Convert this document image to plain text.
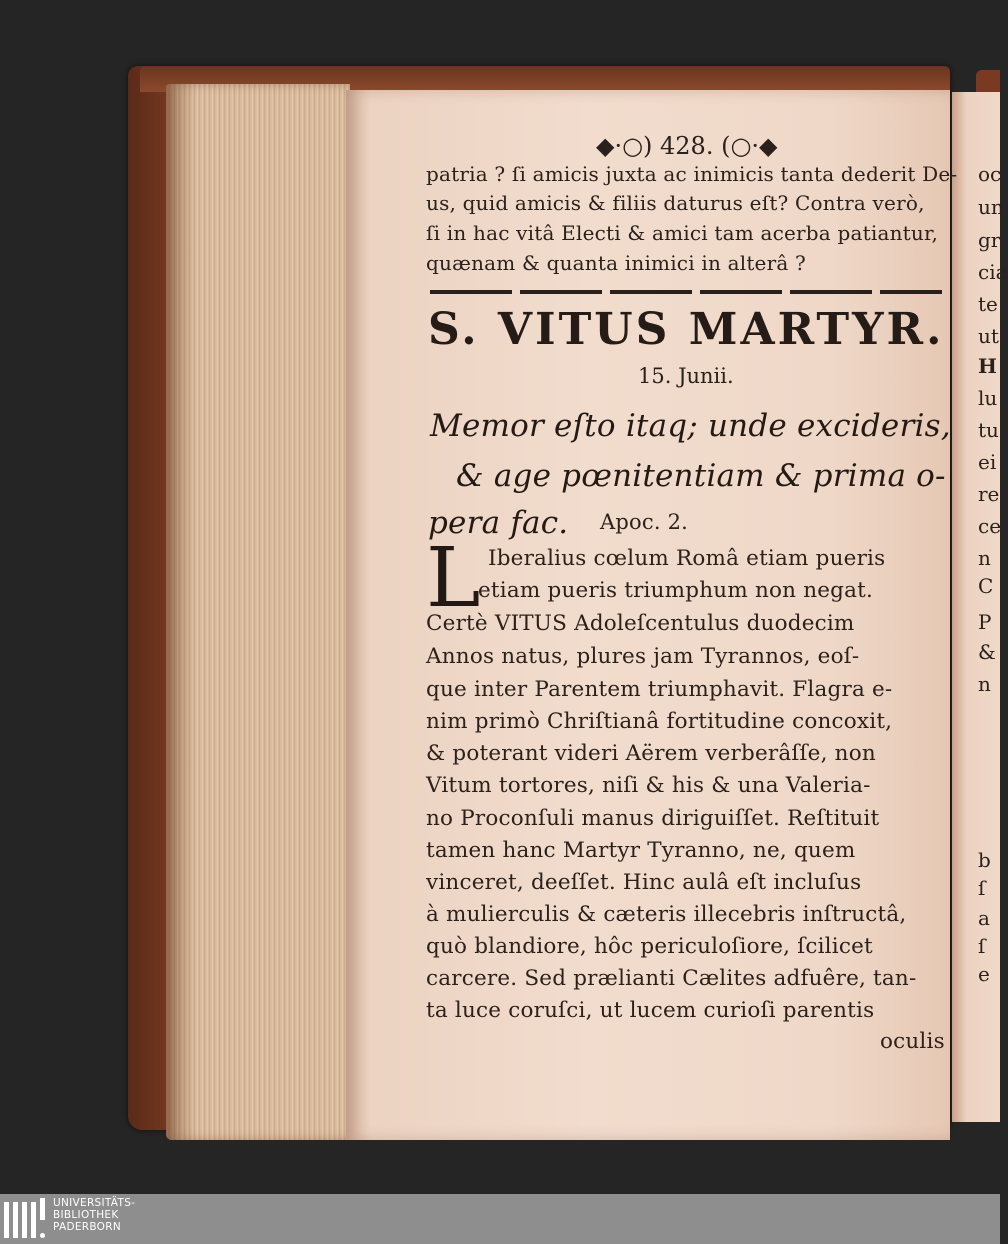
◆·○) 428. (○·◆
patria ? ſi amicis juxta ac inimicis tanta dederit De-
us, quid amicis & filiis daturus eſt? Contra verò,
ſi in hac vitâ Electi & amici tam acerba patiantur,
quænam & quanta inimici in alterâ ?
S. VITUS MARTYR.
15. Junii.
Memor eſto itaq; unde excideris,
& age pœnitentiam & prima o-
pera fac. Apoc. 2.
L Iberalius cœlum Româ etiam pueris
etiam pueris triumphum non negat.
Certè VITUS Adoleſcentulus duodecim
Annos natus, plures jam Tyrannos, eoſ-
que inter Parentem triumphavit. Flagra e-
nim primò Chriſtianâ fortitudine concoxit,
& poterant videri Aërem verberâſſe, non
Vitum tortores, niſi & his & una Valeria-
no Proconſuli manus diriguiſſet. Reſtituit
tamen hanc Martyr Tyranno, ne, quem
vinceret, deeſſet. Hinc aulâ eſt incluſus
à mulierculis & cæteris illecebris inſtructâ,
quò blandiore, hôc periculoſiore, ſcilicet
carcere. Sed prælianti Cælites adfuêre, tan-
ta luce coruſci, ut lucem curioſi parentis
oculis
oc
un
gr
cia
te
ut
H
lu
tu
ei
re
ce
n
C
P
&
n
b
ſ
a
ſ
e
UNIVERSITÄTS-
BIBLIOTHEK
PADERBORN
